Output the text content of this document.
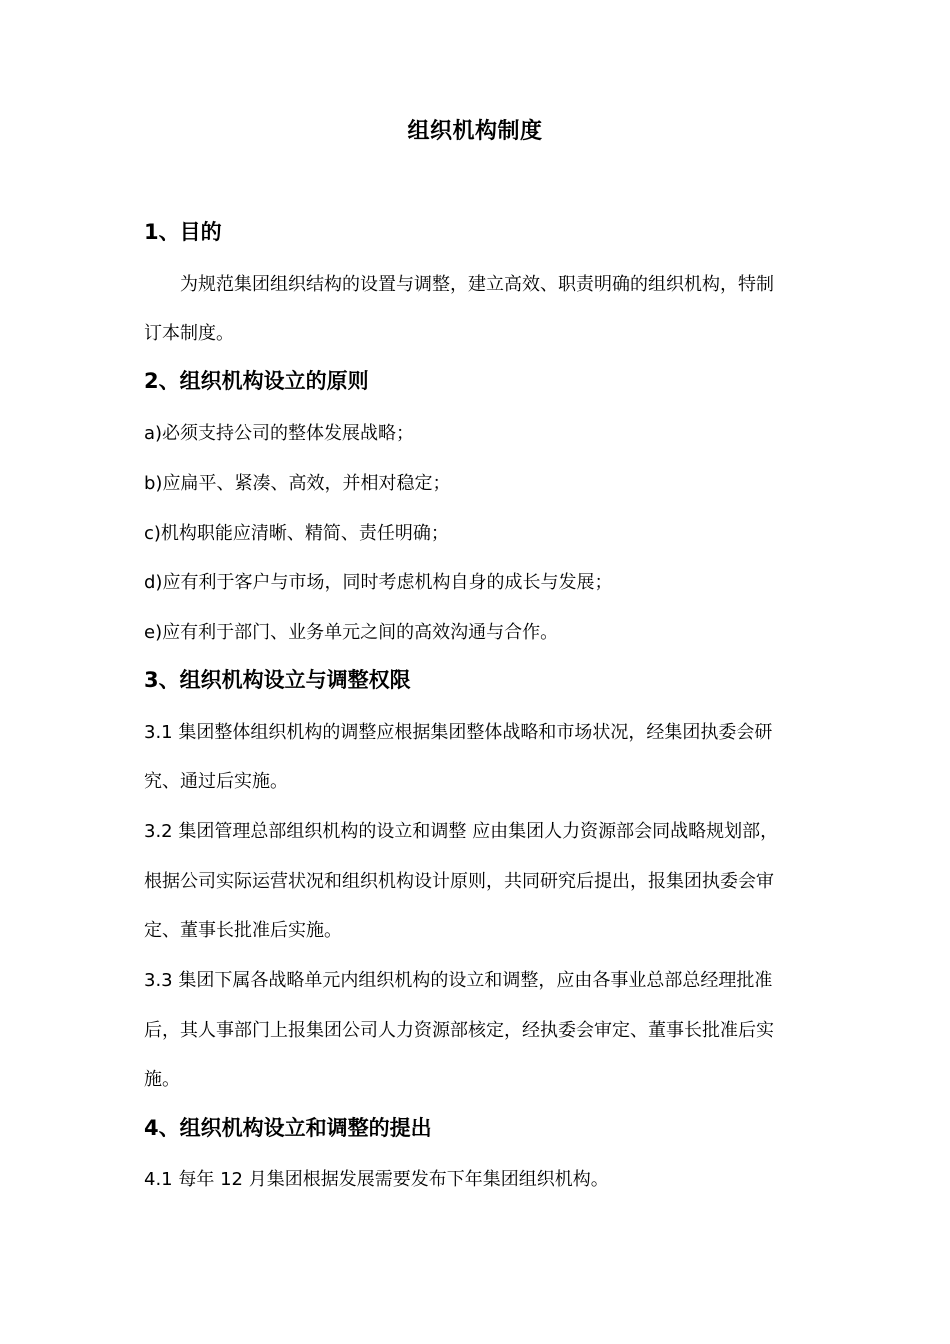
组织机构制度
1、目的
为规范集团组织结构的设置与调整，建立高效、职责明确的组织机构，特制
订本制度。
2、组织机构设立的原则
a)必须支持公司的整体发展战略；
b)应扁平、紧凑、高效，并相对稳定；
c)机构职能应清晰、精简、责任明确；
d)应有利于客户与市场，同时考虑机构自身的成长与发展；
e)应有利于部门、业务单元之间的高效沟通与合作。
3、组织机构设立与调整权限
3.1 集团整体组织机构的调整应根据集团整体战略和市场状况，经集团执委会研
究、通过后实施。
3.2 集团管理总部组织机构的设立和调整 应由集团人力资源部会同战略规划部，
根据公司实际运营状况和组织机构设计原则，共同研究后提出，报集团执委会审
定、董事长批准后实施。
3.3 集团下属各战略单元内组织机构的设立和调整，应由各事业总部总经理批准
后，其人事部门上报集团公司人力资源部核定，经执委会审定、董事长批准后实
施。
4、组织机构设立和调整的提出
4.1 每年 12 月集团根据发展需要发布下年集团组织机构。
